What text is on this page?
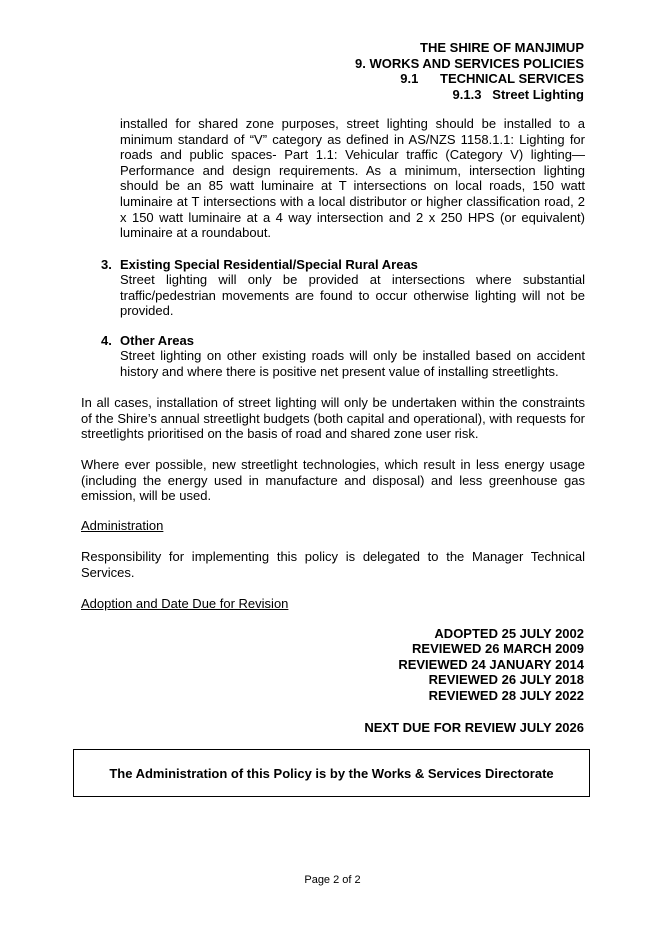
THE SHIRE OF MANJIMUP
9. WORKS AND SERVICES POLICIES
9.1      TECHNICAL SERVICES
9.1.3   Street Lighting
installed for shared zone purposes, street lighting should be installed to a minimum standard of “V” category as defined in AS/NZS 1158.1.1: Lighting for roads and public spaces- Part 1.1: Vehicular traffic (Category V) lighting—Performance and design requirements. As a minimum, intersection lighting should be an 85 watt luminaire at T intersections on local roads, 150 watt luminaire at T intersections with a local distributor or higher classification road, 2 x 150 watt luminaire at a 4 way intersection and 2 x 250 HPS (or equivalent) luminaire at a roundabout.
3. Existing Special Residential/Special Rural Areas
Street lighting will only be provided at intersections where substantial traffic/pedestrian movements are found to occur otherwise lighting will not be provided.
4. Other Areas
Street lighting on other existing roads will only be installed based on accident history and where there is positive net present value of installing streetlights.
In all cases, installation of street lighting will only be undertaken within the constraints of the Shire’s annual streetlight budgets (both capital and operational), with requests for streetlights prioritised on the basis of road and shared zone user risk.
Where ever possible, new streetlight technologies, which result in less energy usage (including the energy used in manufacture and disposal) and less greenhouse gas emission, will be used.
Administration
Responsibility for implementing this policy is delegated to the Manager Technical Services.
Adoption and Date Due for Revision
ADOPTED 25 JULY 2002
REVIEWED 26 MARCH 2009
REVIEWED 24 JANUARY 2014
REVIEWED 26 JULY 2018
REVIEWED 28 JULY 2022
NEXT DUE FOR REVIEW JULY 2026
The Administration of this Policy is by the Works & Services Directorate
Page 2 of 2
